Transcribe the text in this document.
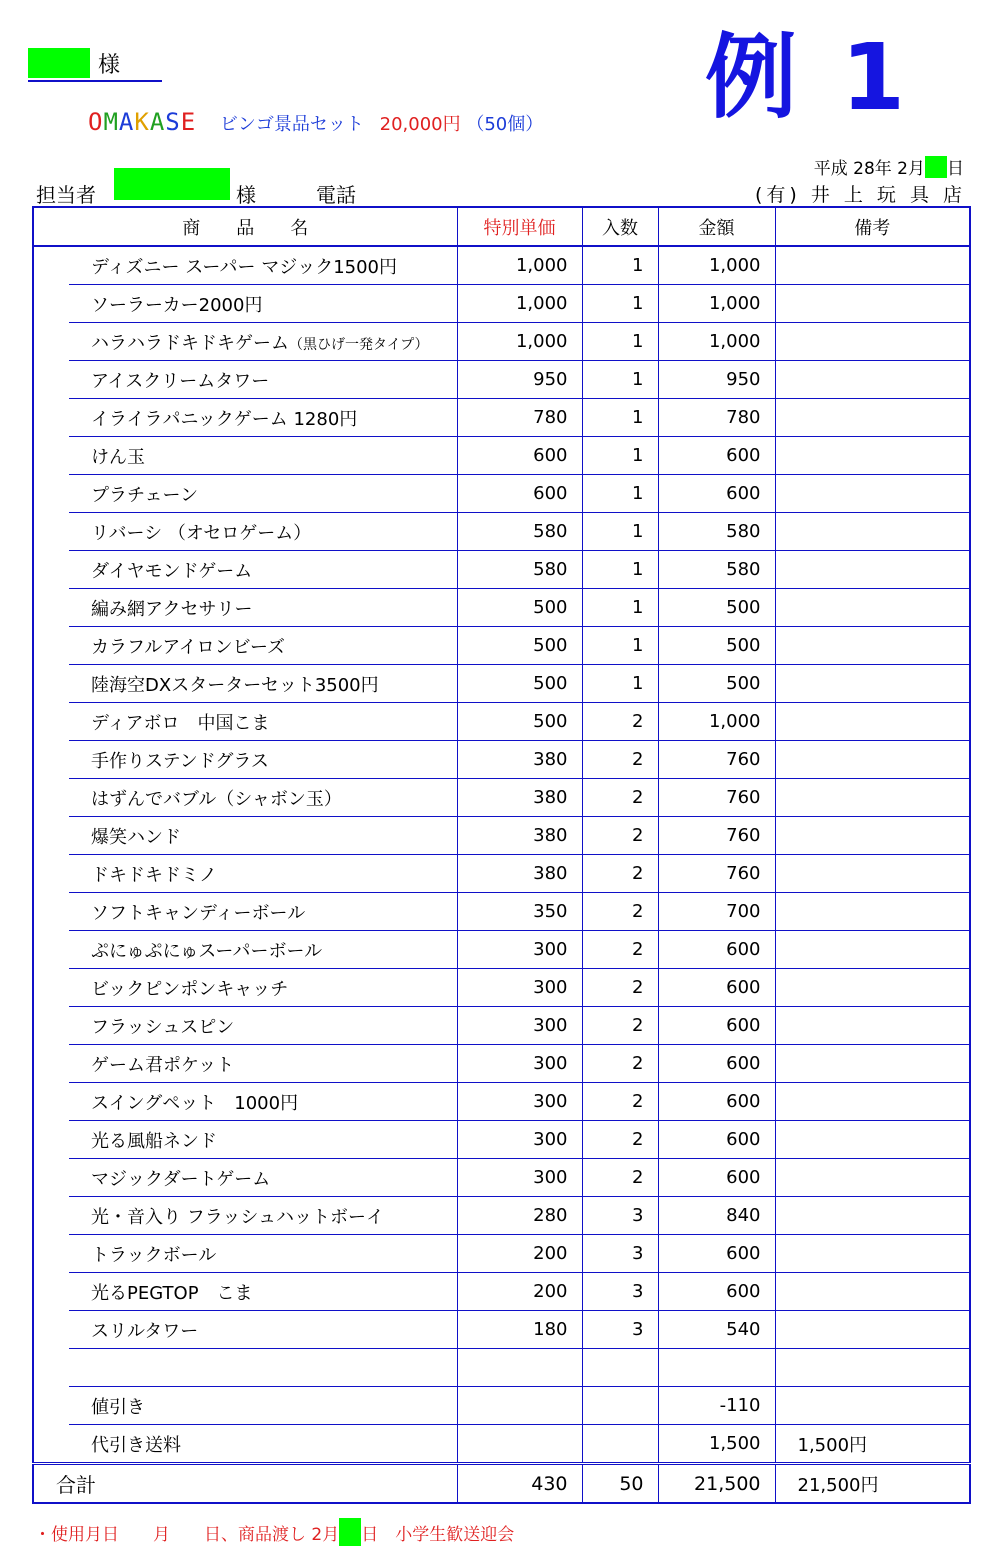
様	例 1
OMAKASE ビンゴ景品セット 20,000円 （50個）
平成 28年 2月 日
(有) 井 上 玩 具 店
担当者	様	電話
商　　品　　名		特別単価	入数	金額	備考
	ディズニー スーパー マジック1500円	1,000	1	1,000	
	ソーラーカー2000円	1,000	1	1,000	
	ハラハラドキドキゲーム（黒ひげ一発タイプ）	1,000	1	1,000	
	アイスクリームタワー	950	1	950	
	イライラパニックゲーム 1280円	780	1	780	
	けん玉	600	1	600	
	プラチェーン	600	1	600	
	リバーシ （オセロゲーム）	580	1	580	
	ダイヤモンドゲーム	580	1	580	
	編み網アクセサリー	500	1	500	
	カラフルアイロンビーズ	500	1	500	
	陸海空DXスターターセット3500円	500	1	500	
	ディアボロ　中国こま	500	2	1,000	
	手作りステンドグラス	380	2	760	
	はずんでバブル（シャボン玉）	380	2	760	
	爆笑ハンド	380	2	760	
	ドキドキドミノ	380	2	760	
	ソフトキャンディーボール	350	2	700	
	ぷにゅぷにゅスーパーボール	300	2	600	
	ビックピンポンキャッチ	300	2	600	
	フラッシュスピン	300	2	600	
	ゲーム君ポケット	300	2	600	
	スイングペット　1000円	300	2	600	
	光る風船ネンド	300	2	600	
	マジックダートゲーム	300	2	600	
	光・音入り フラッシュハットボーイ	280	3	840	
	トラックボール	200	3	600	
	光るPEGTOP　こま	200	3	600	
	スリルタワー	180	3	540	

	値引き			-110	
	代引き送料			1,500	1,500円
合計		430	50	21,500	21,500円
・使用月日　　月　　日、商品渡し 2月 日　小学生歓送迎会
